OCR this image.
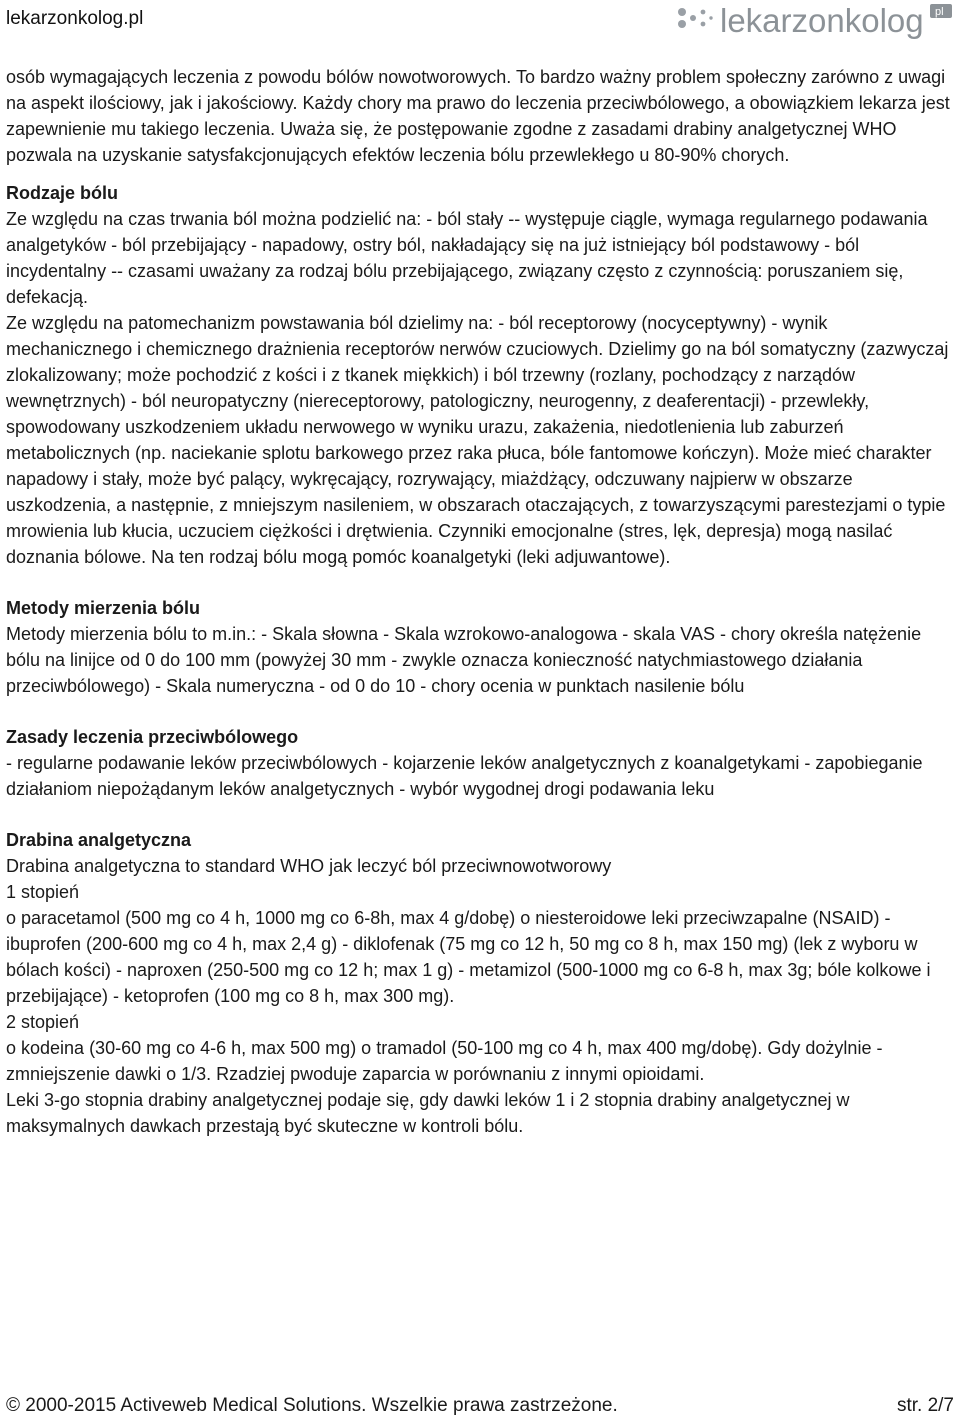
lekarzonkolog.pl	lekarzonkolog pl

osób wymagających leczenia z powodu bólów nowotworowych. To bardzo ważny problem społeczny zarówno z uwagi na aspekt ilościowy, jak i jakościowy. Każdy chory ma prawo do leczenia przeciwbólowego, a obowiązkiem lekarza jest zapewnienie mu takiego leczenia. Uważa się, że postępowanie zgodne z zasadami drabiny analgetycznej WHO pozwala na uzyskanie satysfakcjonujących efektów leczenia bólu przewlekłego u 80-90% chorych.

Rodzaje bólu

Ze względu na czas trwania ból można podzielić na: - ból stały -- występuje ciągle, wymaga regularnego podawania analgetyków - ból przebijający - napadowy, ostry ból, nakładający się na już istniejący ból podstawowy - ból incydentalny -- czasami uważany za rodzaj bólu przebijającego, związany często z czynnością: poruszaniem się, defekacją.

Ze względu na patomechanizm powstawania ból dzielimy na: - ból receptorowy (nocyceptywny) - wynik mechanicznego i chemicznego drażnienia receptorów nerwów czuciowych. Dzielimy go na ból somatyczny (zazwyczaj zlokalizowany; może pochodzić z kości i z tkanek miękkich) i ból trzewny (rozlany, pochodzący z narządów wewnętrznych) - ból neuropatyczny (niereceptorowy, patologiczny, neurogenny, z deaferentacji) - przewlekły, spowodowany uszkodzeniem układu nerwowego w wyniku urazu, zakażenia, niedotlenienia lub zaburzeń metabolicznych (np. naciekanie splotu barkowego przez raka płuca, bóle fantomowe kończyn). Może mieć charakter napadowy i stały, może być palący, wykręcający, rozrywający, miażdżący, odczuwany najpierw w obszarze uszkodzenia, a następnie, z mniejszym nasileniem, w obszarach otaczających, z towarzyszącymi parestezjami o typie mrowienia lub kłucia, uczuciem ciężkości i drętwienia. Czynniki emocjonalne (stres, lęk, depresja) mogą nasilać doznania bólowe. Na ten rodzaj bólu mogą pomóc koanalgetyki (leki adjuwantowe).

Metody mierzenia bólu

Metody mierzenia bólu to m.in.: - Skala słowna - Skala wzrokowo-analogowa - skala VAS - chory określa natężenie bólu na linijce od 0 do 100 mm (powyżej 30 mm - zwykle oznacza konieczność natychmiastowego działania przeciwbólowego) - Skala numeryczna - od 0 do 10 - chory ocenia w punktach nasilenie bólu

Zasady leczenia przeciwbólowego

- regularne podawanie leków przeciwbólowych - kojarzenie leków analgetycznych z koanalgetykami - zapobieganie działaniom niepożądanym leków analgetycznych - wybór wygodnej drogi podawania leku

Drabina analgetyczna

Drabina analgetyczna to standard WHO jak leczyć ból przeciwnowotworowy

1 stopień

o paracetamol (500 mg co 4 h, 1000 mg co 6-8h, max 4 g/dobę) o niesteroidowe leki przeciwzapalne (NSAID) - ibuprofen (200-600 mg co 4 h, max 2,4 g) - diklofenak (75 mg co 12 h, 50 mg co 8 h, max 150 mg) (lek z wyboru w bólach kości) - naproxen (250-500 mg co 12 h; max 1 g) - metamizol (500-1000 mg co 6-8 h, max 3g; bóle kolkowe i przebijające) - ketoprofen (100 mg co 8 h, max 300 mg).

2 stopień

o kodeina (30-60 mg co 4-6 h, max 500 mg) o tramadol (50-100 mg co 4 h, max 400 mg/dobę). Gdy dożylnie - zmniejszenie dawki o 1/3. Rzadziej pwoduje zaparcia w porównaniu z innymi opioidami.

Leki 3-go stopnia drabiny analgetycznej podaje się, gdy dawki leków 1 i 2 stopnia drabiny analgetycznej w maksymalnych dawkach przestają być skuteczne w kontroli bólu.

© 2000-2015 Activeweb Medical Solutions. Wszelkie prawa zastrzeżone.	str. 2/7
